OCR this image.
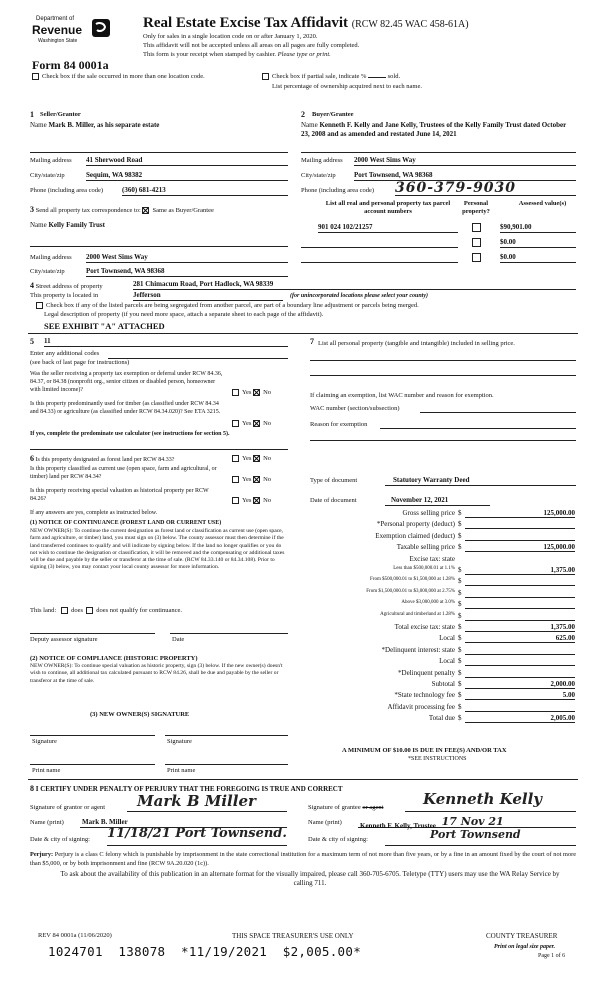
Department of
Revenue
Washington State
Real Estate Excise Tax Affidavit (RCW 82.45 WAC 458-61A)
Only for sales in a single location code on or after January 1, 2020.
This affidavit will not be accepted unless all areas on all pages are fully completed.
This form is your receipt when stamped by cashier. Please type or print.
Form 84 0001a
Check box if the sale occurred in more than one location code.	Check box if partial sale, indicate %	sold.
List percentage of ownership acquired next to each name.
1 Seller/Grantor
Name Mark B. Miller, as his separate estate
Mailing address 41 Sherwood Road
City/state/zip	Sequim, WA 98382
Phone (including area code)	(360) 681-4213
2 Buyer/Grantee
Name Kenneth F. Kelly and Jane Kelly, Trustees of the Kelly Family Trust dated October 23, 2008 and as amended and restated June 14, 2021
Mailing address 2000 West Sims Way
City/state/zip	Port Townsend, WA 98368
Phone (including area code) 360-379-9030
3 Send all property tax correspondence to: Same as Buyer/Grantee
Name Kelly Family Trust
Mailing address 2000 West Sims Way
City/state/zip	Port Townsend, WA 98368
List all real and personal property tax parcel account numbers
Personal property?
Assessed value(s)
901 024 102/21257	$90,901.00
$0.00
$0.00
4 Street address of property	281 Chimacum Road, Port Hadlock, WA 98339
This property is located in	Jefferson	(for unincorporated locations please select your county)
Check box if any of the listed parcels are being segregated from another parcel, are part of a boundary line adjustment or parcels being merged.
Legal description of property (if you need more space, attach a separate sheet to each page of the affidavit).
SEE EXHIBIT "A" ATTACHED
5 11
Enter any additional codes
(see back of last page for instructions)
Was the seller receiving a property tax exemption or deferral under RCW 84.36, 84.37, or 84.38 (nonprofit org., senior citizen or disabled person, homeowner with limited income)?	Yes No
Is this property predominantly used for timber (as classified under RCW 84.34 and 84.33) or agriculture (as classified under RCW 84.34.020)? See ETA 3215.
Yes No
If yes, complete the predominate use calculator (see instructions for section 5).
7 List all personal property (tangible and intangible) included in selling price.
If claiming an exemption, list WAC number and reason for exemption.
WAC number (section/subsection)
Reason for exemption
Type of document	Statutory Warranty Deed
Date of document	November 12, 2021
6 Is this property designated as forest land per RCW 84.33?	Yes No
Is this property classified as current use (open space, farm and agricultural, or timber) land per RCW 84.34?	Yes No
Is this property receiving special valuation as historical property per RCW 84.26?	Yes No
If any answers are yes, complete as instructed below.
(1) NOTICE OF CONTINUANCE (FOREST LAND OR CURRENT USE)
NEW OWNER(S): To continue the current designation as forest land or classification as current use (open space, farm and agriculture, or timber) land, you must sign on (3) below. The county assessor must then determine if the land transferred continues to qualify and will indicate by signing below. If the land no longer qualifies or you do not wish to continue the designation or classification, it will be removed and the compensating or additional taxes will be due and payable by the seller or transferor at the time of sale. (RCW 84.33.140 or 84.34.108). Prior to signing (3) below, you may contact your local county assessor for more information.
This land: does does not qualify for continuance.
Deputy assessor signature	Date
(2) NOTICE OF COMPLIANCE (HISTORIC PROPERTY)
NEW OWNER(S): To continue special valuation as historic property, sign (3) below. If the new owner(s) doesn't wish to continue, all additional tax calculated pursuant to RCW 84.26, shall be due and payable by the seller or transferor at the time of sale.
(3) NEW OWNER(S) SIGNATURE
Signature	Signature
Print name	Print name
Gross selling price $	125,000.00
*Personal property (deduct) $
Exemption claimed (deduct) $
Taxable selling price $	125,000.00
Excise tax: state
Less than $500,000.01 at 1.1% $	1,375.00
From $500,000.01 to $1,500,000 at 1.28% $
From $1,500,000.01 to $3,000,000 at 2.75% $
Above $3,000,000 at 3.0% $
Agricultural and timberland at 1.28% $
Total excise tax: state $	1,375.00
Local $	625.00
*Delinquent interest: state $
Local $
*Delinquent penalty $
Subtotal $	2,000.00
*State technology fee $	5.00
Affidavit processing fee $
Total due $	2,005.00
A MINIMUM OF $10.00 IS DUE IN FEE(S) AND/OR TAX
*SEE INSTRUCTIONS
8 I CERTIFY UNDER PENALTY OF PERJURY THAT THE FOREGOING IS TRUE AND CORRECT
Signature of grantor or agent	Mark B Miller
Name (print)	Mark B. Miller
Date & city of signing: 11/18/21 Port Townsend.
Signature of grantee or agent	Kenneth Kelly
Name (print)	Kenneth F. Kelly, Trustee 17 Nov 21
Date & city of signing:	Port Townsend
Perjury: Perjury is a class C felony which is punishable by imprisonment in the state correctional institution for a maximum term of not more than five years, or by a fine in an amount fixed by the court of not more than $5,000, or by both imprisonment and fine (RCW 9A.20.020 (1c)).
To ask about the availability of this publication in an alternate format for the visually impaired, please call 360-705-6705. Teletype (TTY) users may use the WA Relay Service by calling 711.
REV 84 0001a (11/06/2020)	THIS SPACE TREASURER'S USE ONLY	COUNTY TREASURER
Print on legal size paper.
Page 1 of 6
1024701  138078  *11/19/2021  $2,005.00*
